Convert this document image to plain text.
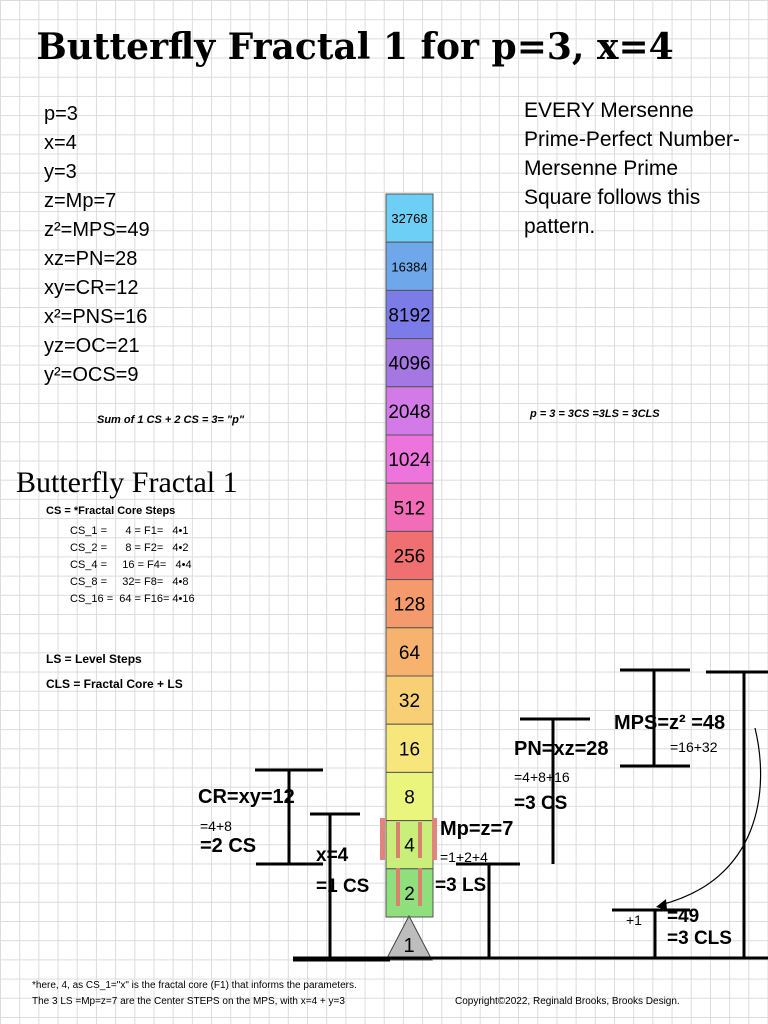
Butterfly Fractal 1 for p=3, x=4
p=3
x=4
y=3
z=Mp=7
z²=MPS=49
xz=PN=28
xy=CR=12
x²=PNS=16
yz=OC=21
y²=OCS=9
EVERY Mersenne Prime-Perfect Number-Mersenne Prime Square follows this pattern.
Sum of 1 CS + 2 CS = 3= "p"	p = 3 = 3CS =3LS = 3CLS
Butterfly Fractal 1
CS = *Fractal Core Steps
CS_1 =      4 = F1=   4•1
CS_2 =      8 = F2=   4•2
CS_4 =     16 = F4=   4•4
CS_8 =     32= F8=   4•8
CS_16 =  64 = F16= 4•16
LS = Level Steps
CLS = Fractal Core + LS
32768
16384
8192
4096
2048
1024
512
256
128
64
32
16
8
4
2
1
MPS=z² =48
=16+32
PN=xz=28
=4+8+16
=3 CS
CR=xy=12
=4+8
=2 CS	x=4
=1 CS
Mp=z=7
=1+2+4
=3 LS
+1 =49
=3 CLS
*here, 4, as CS_1="x" is the fractal core (F1) that informs the parameters.
The 3 LS =Mp=z=7 are the Center STEPS on the MPS, with x=4 + y=3	Copyright©2022, Reginald Brooks, Brooks Design.
